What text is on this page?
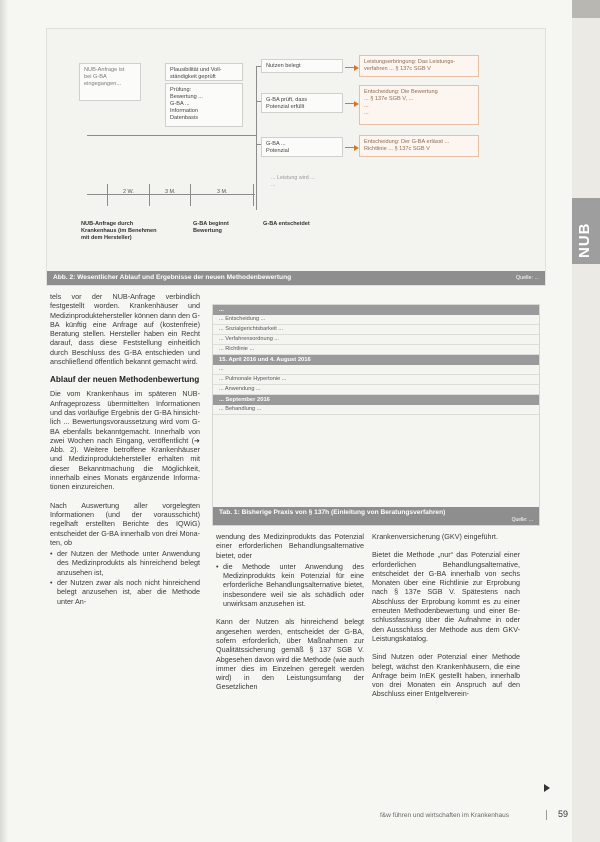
NUB
NUB-Anfrage ist
bei G-BA
eingegangen...
Plausibilität und Voll-
ständigkeit geprüft
Prüfung:
Bewertung ...
G-BA ...
Information
Datenbasis
Nutzen belegt
G-BA prüft, dass
Potenzial erfüllt
G-BA ...
Potenzial
Leistungserbringung: Das Leistungs-
verfahren ... § 137c SGB V
Entscheidung: Die Bewertung
... § 137e SGB V, ...
...
...
Entscheidung: Der G-BA erlässt ...
Richtlinie ... § 137c SGB V
... Leistung wird ...
...
2 W.	3 M.	3 M.
NUB-Anfrage durch
Krankenhaus (im Benehmen
mit dem Hersteller)
G-BA beginnt
Bewertung
G-BA entscheidet
Abb. 2: Wesentlicher Ablauf und Ergebnisse der neuen Methodenbewertung	Quelle: ...

tels vor der NUB-Anfrage verbindlich festgestellt worden. Krankenhäuser und Medizinproduktehersteller können dann den G-BA künftig eine Anfrage auf (kostenfreie) Beratung stellen. Hersteller haben ein Recht darauf, dass diese Feststellung einheitlich durch Beschluss des G-BA entschieden und anschließend öffentlich bekannt gemacht wird.

Ablauf der neuen Methodenbewertung

Die vom Krankenhaus im späteren NUB-Anfrageprozess übermittelten Informationen und das vorläufige Ergebnis der G-BA hinsichtlich ... Bewertungsvoraussetzung wird vom G-BA ebenfalls bekanntgemacht. Innerhalb von zwei Wochen nach Eingang, veröffentlicht (➜ Abb. 2). Weitere betroffene Krankenhäuser und Medizinproduktehersteller erhalten mit dieser Bekanntmachung die Möglichkeit, innerhalb eines Monats ergänzende Informationen einzureichen.

Nach Auswertung aller vorgelegten Informationen (und der vorausschicht) regelhaft erstellten Berichte des IQWiG) entscheidet der G-BA innerhalb von drei Monaten, ob

• der Nutzen der Methode unter Anwendung des Medizinprodukts als hinreichend belegt anzusehen ist,
• der Nutzen zwar als noch nicht hinreichend belegt anzusehen ist, aber die Methode unter An-
...
... Entscheidung ...
... Sozialgerichtsbarkeit ...
... Verfahrensordnung ...
... Richtlinie ...
15. April 2016 und 4. August 2016
...
... Pulmonale Hypertonie ...
... Anwendung ...
... September 2016
... Behandlung ...
Tab. 1: Bisherige Praxis von § 137h (Einleitung von Beratungsverfahren)
Quelle: ...

wendung des Medizinprodukts das Potenzial einer erforderlichen Behandlungsalternative bietet, oder

• die Methode unter Anwendung des Medizinprodukts kein Potenzial für eine erforderliche Behandlungsalternative bietet, insbesondere weil sie als schädlich oder unwirksam anzusehen ist.

Kann der Nutzen als hinreichend belegt angesehen werden, entscheidet der G-BA, sofern erforderlich, über Maßnahmen zur Qualitätssicherung gemäß § 137 SGB V. Abgesehen davon wird die Methode (wie auch immer dies im Einzelnen geregelt werden wird) in den Leistungsumfang der Gesetzlichen

Krankenversicherung (GKV) eingeführt.

Bietet die Methode „nur“ das Potenzial einer erforderlichen Behandlungsalternative, entscheidet der G-BA innerhalb von sechs Monaten über eine Richtlinie zur Erprobung nach § 137e SGB V. Spätestens nach Abschluss der Erprobung kommt es zu einer erneuten Methodenbewertung und einer Beschlussfassung über die Aufnahme in oder den Ausschluss der Methode aus dem GKV-Leistungskatalog.

Sind Nutzen oder Potenzial einer Methode belegt, wächst den Krankenhäusern, die eine Anfrage beim InEK gestellt haben, innerhalb von drei Monaten ein Anspruch auf den Abschluss einer Entgeltverein-

f&w führen und wirtschaften im Krankenhaus	59
